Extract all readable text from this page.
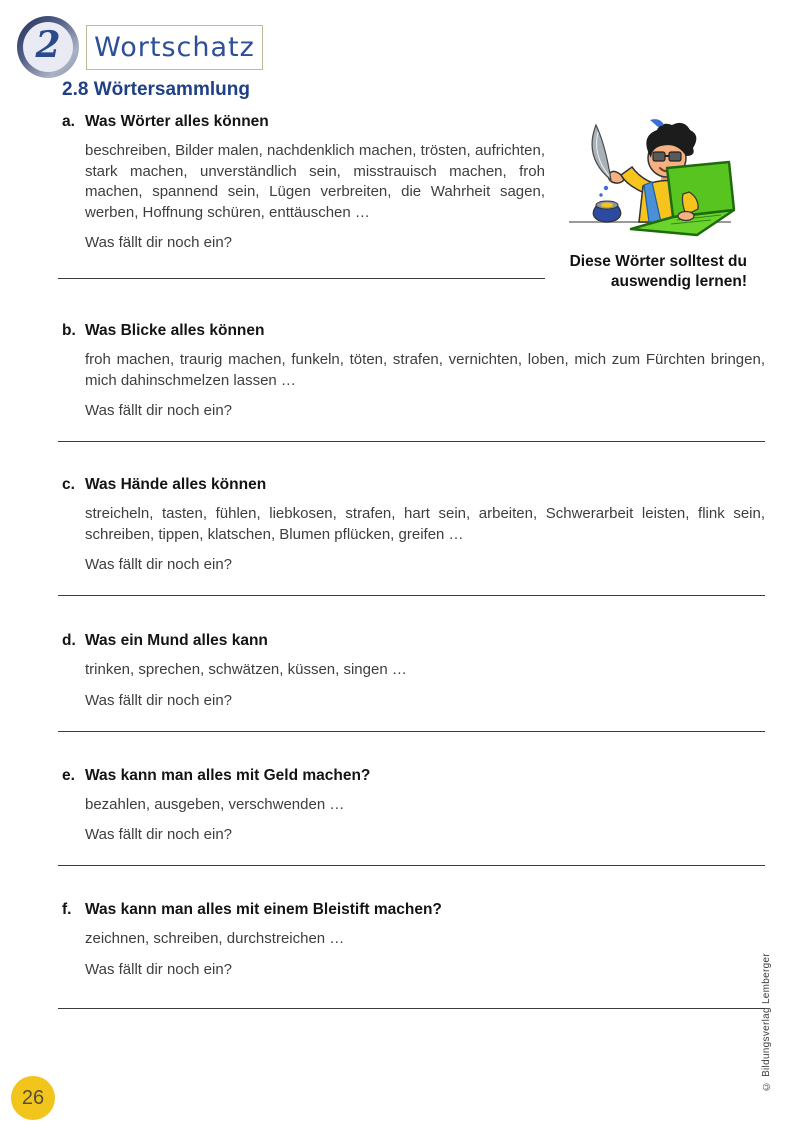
2	Wortschatz
2.8 Wörtersammlung
a. Was Wörter alles können

beschreiben, Bilder malen, nachdenklich machen, trösten, aufrichten, stark machen, unverständlich sein, misstrauisch machen, froh machen, spannend sein, Lügen verbreiten, die Wahrheit sagen, werben, Hoffnung schüren, enttäuschen …

Was fällt dir noch ein?

Diese Wörter solltest du
auswendig lernen!
b. Was Blicke alles können

froh machen, traurig machen, funkeln, töten, strafen, vernichten, loben, mich zum Fürchten bringen, mich dahinschmelzen lassen …

Was fällt dir noch ein?

c. Was Hände alles können

streicheln, tasten, fühlen, liebkosen, strafen, hart sein, arbeiten, Schwerarbeit leisten, flink sein, schreiben, tippen, klatschen, Blumen pflücken, greifen …

Was fällt dir noch ein?

d. Was ein Mund alles kann

trinken, sprechen, schwätzen, küssen, singen …

Was fällt dir noch ein?

e. Was kann man alles mit Geld machen?

bezahlen, ausgeben, verschwenden …

Was fällt dir noch ein?

f. Was kann man alles mit einem Bleistift machen?

zeichnen, schreiben, durchstreichen …

Was fällt dir noch ein?

26
© Bildungsverlag Lemberger
